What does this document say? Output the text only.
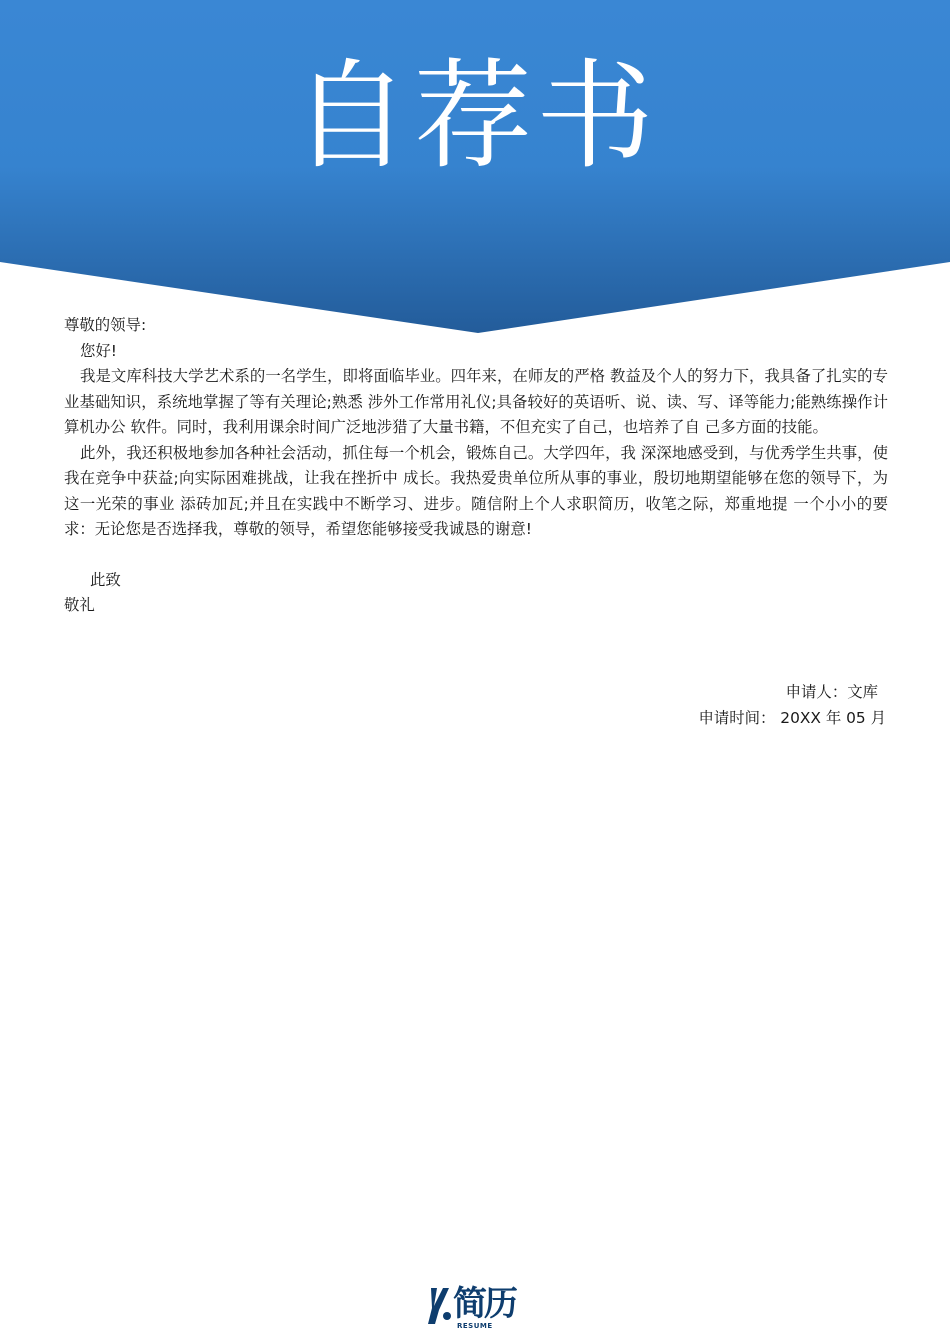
自荐书

尊敬的领导:

您好!

我是文库科技大学艺术系的一名学生，即将面临毕业。四年来，在师友的严格 教益及个人的努力下，我具备了扎实的专业基础知识，系统地掌握了等有关理论;熟悉 涉外工作常用礼仪;具备较好的英语听、说、读、写、译等能力;能熟练操作计算机办公 软件。同时，我利用课余时间广泛地涉猎了大量书籍，不但充实了自己，也培养了自 己多方面的技能。

此外，我还积极地参加各种社会活动，抓住每一个机会，锻炼自己。大学四年，我 深深地感受到，与优秀学生共事，使我在竞争中获益;向实际困难挑战，让我在挫折中 成长。我热爱贵单位所从事的事业，殷切地期望能够在您的领导下，为这一光荣的事业 添砖加瓦;并且在实践中不断学习、进步。随信附上个人求职简历，收笔之际，郑重地提 一个小小的要求：无论您是否选择我，尊敬的领导，希望您能够接受我诚恳的谢意!

此致

敬礼

申请人：文库
申请时间： 20XX 年 05 月
简历
RESUME
